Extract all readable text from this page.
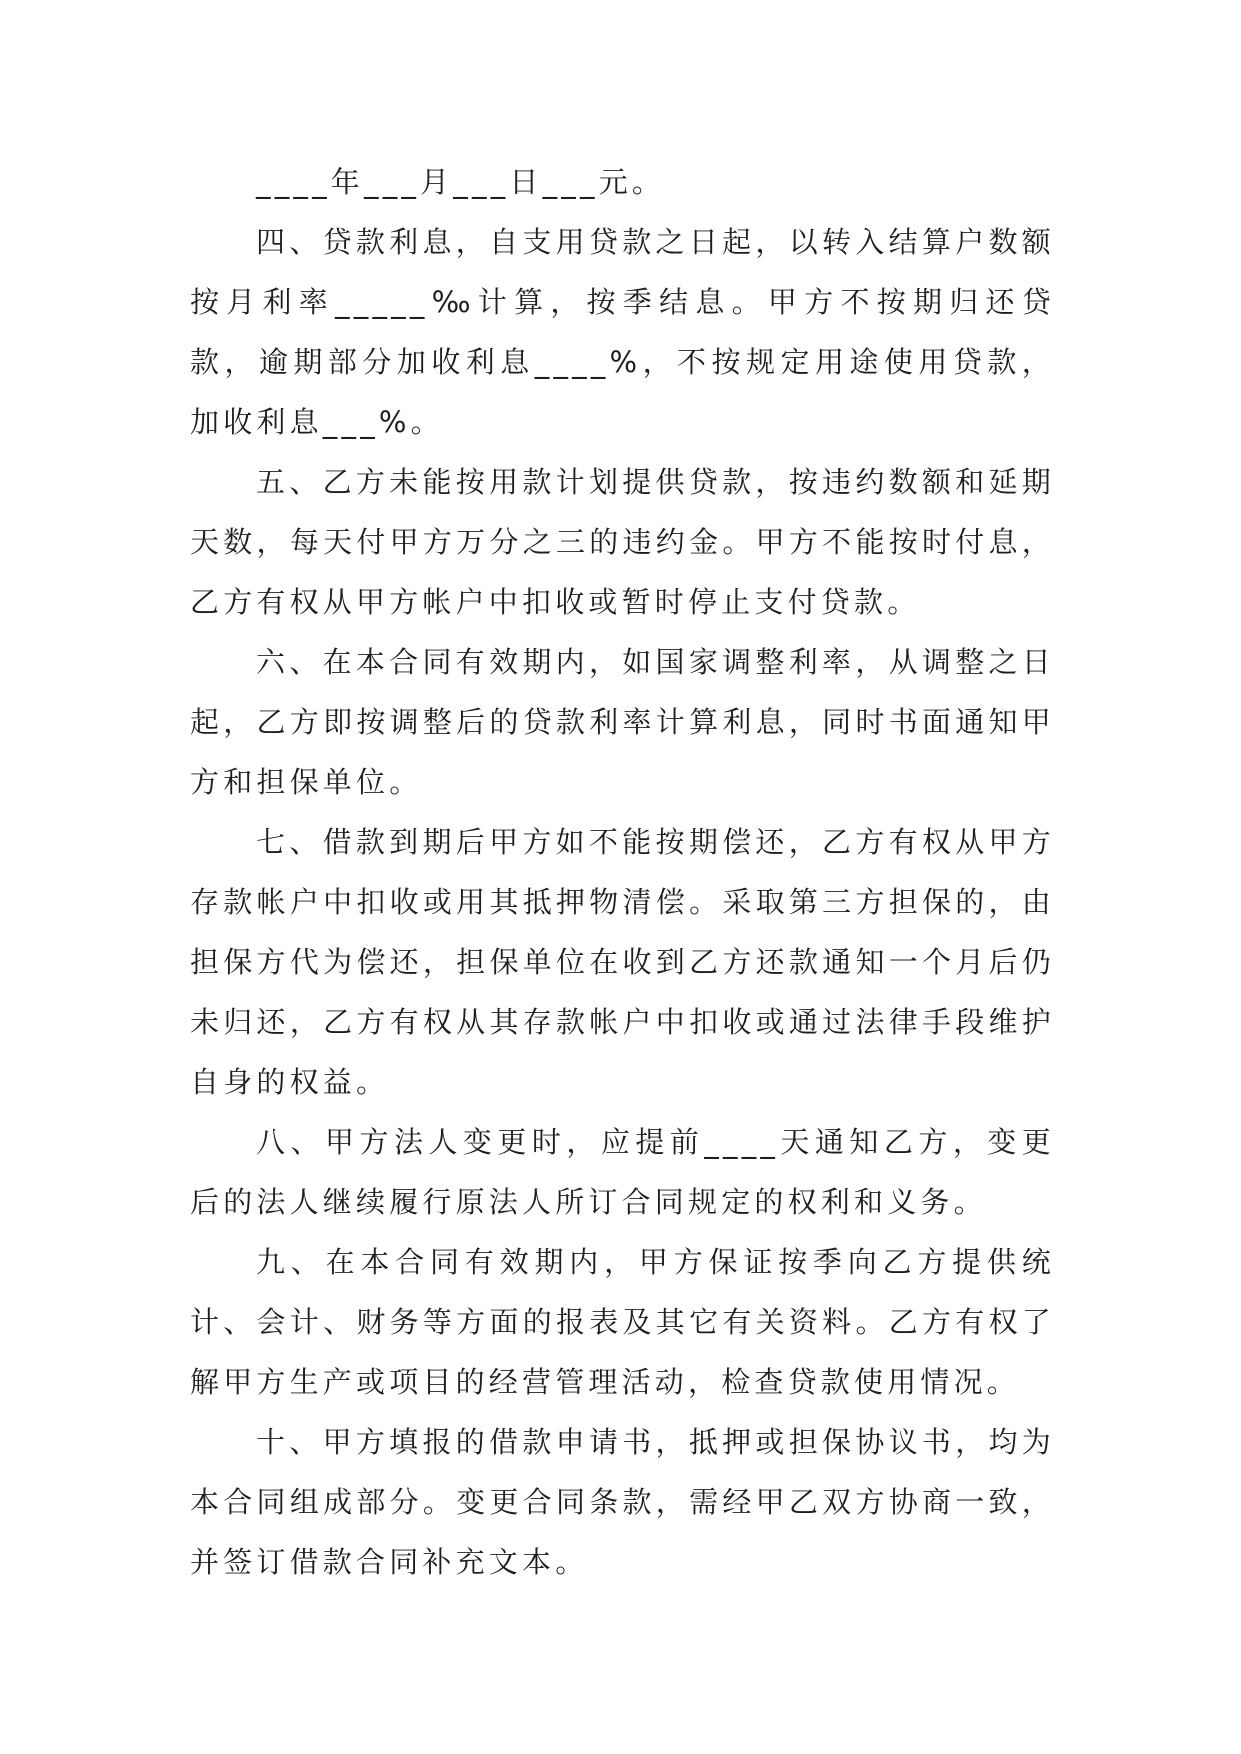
____年___月___日___元。

四、贷款利息，自支用贷款之日起，以转入结算户数额按月利率_____‰计算，按季结息。甲方不按期归还贷款，逾期部分加收利息____%，不按规定用途使用贷款，加收利息___%。

五、乙方未能按用款计划提供贷款，按违约数额和延期天数，每天付甲方万分之三的违约金。甲方不能按时付息，乙方有权从甲方帐户中扣收或暂时停止支付贷款。

六、在本合同有效期内，如国家调整利率，从调整之日起，乙方即按调整后的贷款利率计算利息，同时书面通知甲方和担保单位。

七、借款到期后甲方如不能按期偿还，乙方有权从甲方存款帐户中扣收或用其抵押物清偿。采取第三方担保的，由担保方代为偿还，担保单位在收到乙方还款通知一个月后仍未归还，乙方有权从其存款帐户中扣收或通过法律手段维护自身的权益。

八、甲方法人变更时，应提前____天通知乙方，变更后的法人继续履行原法人所订合同规定的权利和义务。

九、在本合同有效期内，甲方保证按季向乙方提供统计、会计、财务等方面的报表及其它有关资料。乙方有权了解甲方生产或项目的经营管理活动，检查贷款使用情况。

十、甲方填报的借款申请书，抵押或担保协议书，均为本合同组成部分。变更合同条款，需经甲乙双方协商一致，并签订借款合同补充文本。
